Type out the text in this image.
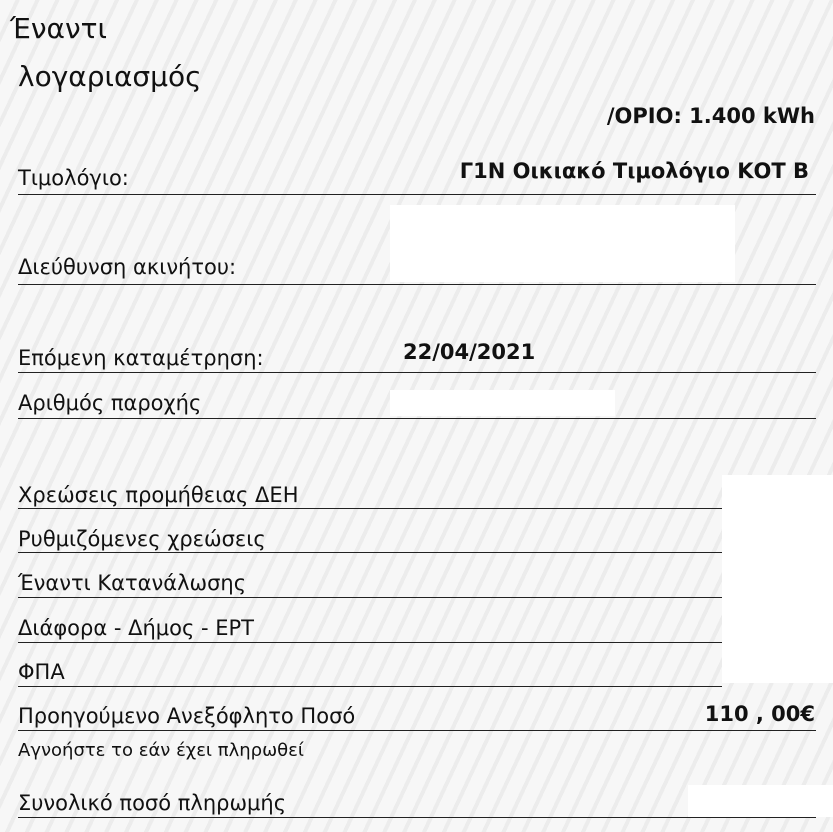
Έναντι
λογαριασμός
/ΟΡΙΟ: 1.400 kWh
Τιμολόγιο:	Γ1Ν Οικιακό Τιμολόγιο ΚΟΤ Β
Διεύθυνση ακινήτου:
Επόμενη καταμέτρηση:	22/04/2021
Αριθμός παροχής
Χρεώσεις προμήθειας ΔΕΗ
Ρυθμιζόμενες χρεώσεις
Έναντι Κατανάλωσης
Διάφορα - Δήμος - ΕΡΤ
ΦΠΑ
Προηγούμενο Ανεξόφλητο Ποσό	110 , 00€
Αγνοήστε το εάν έχει πληρωθεί
Συνολικό ποσό πληρωμής
